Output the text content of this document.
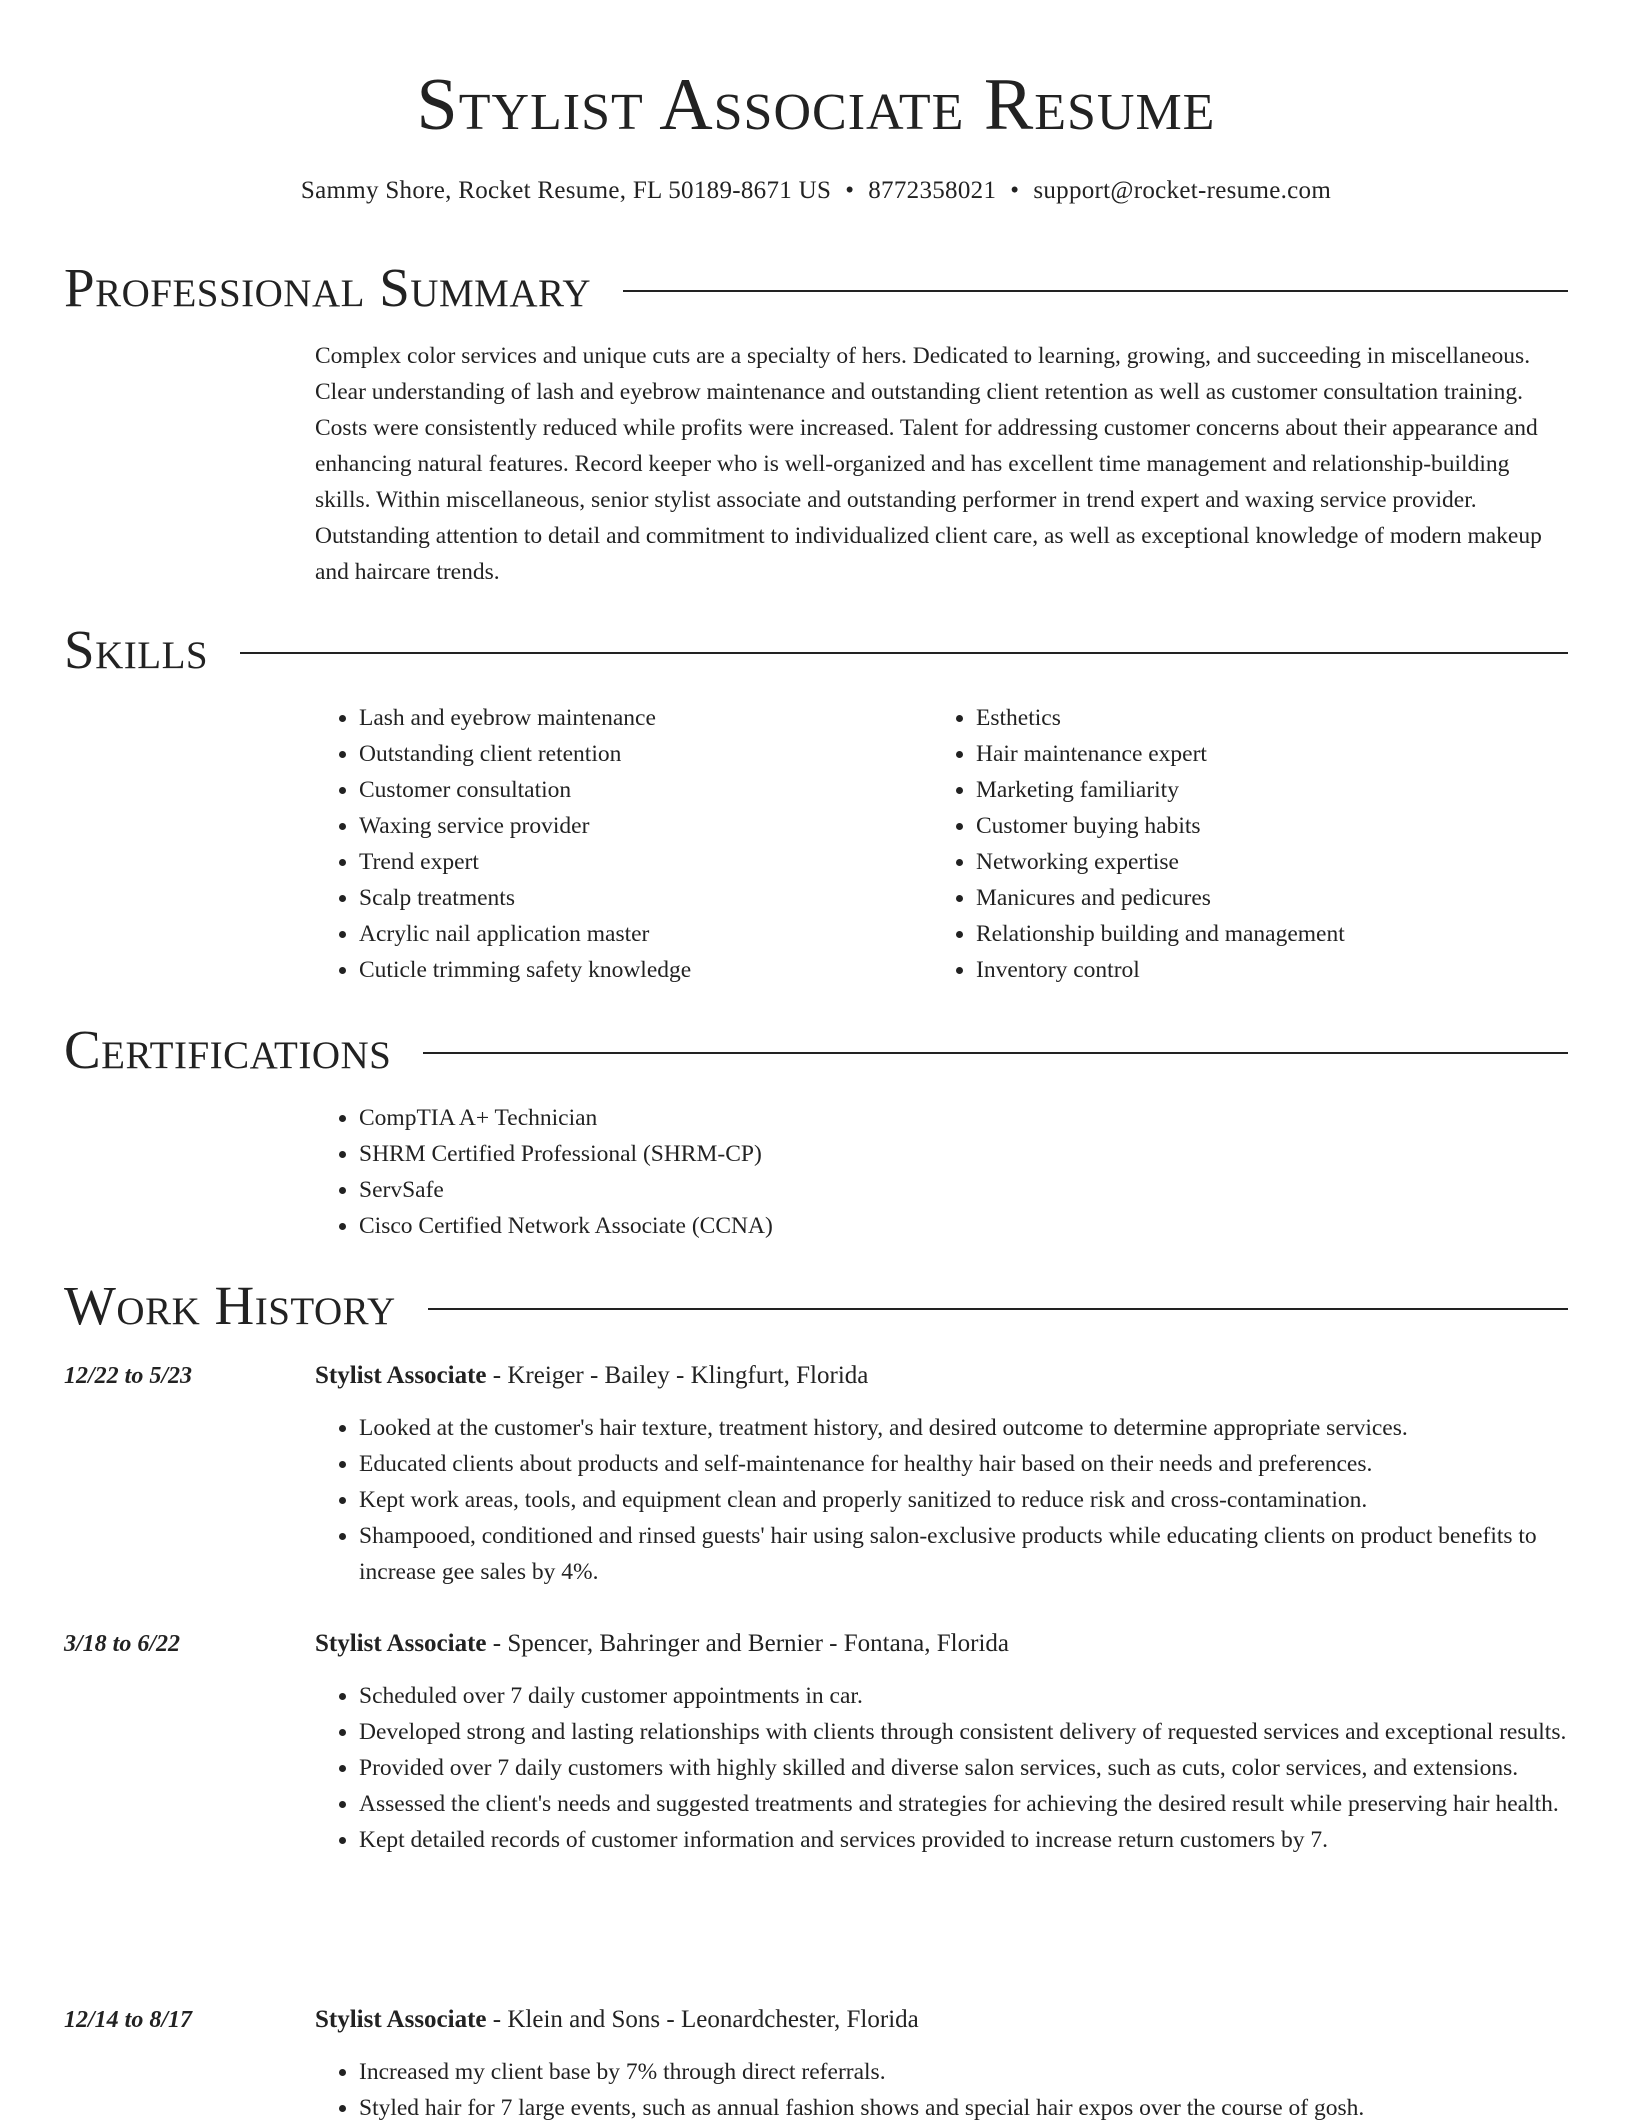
Stylist Associate Resume
Sammy Shore, Rocket Resume, FL 50189-8671 US • 8772358021 • support@rocket-resume.com
Professional Summary

Complex color services and unique cuts are a specialty of hers. Dedicated to learning, growing, and succeeding in miscellaneous. Clear understanding of lash and eyebrow maintenance and outstanding client retention as well as customer consultation training. Costs were consistently reduced while profits were increased. Talent for addressing customer concerns about their appearance and enhancing natural features. Record keeper who is well-organized and has excellent time management and relationship-building skills. Within miscellaneous, senior stylist associate and outstanding performer in trend expert and waxing service provider. Outstanding attention to detail and commitment to individualized client care, as well as exceptional knowledge of modern makeup and haircare trends.

Skills
• Lash and eyebrow maintenance
• Outstanding client retention
• Customer consultation
• Waxing service provider
• Trend expert
• Scalp treatments
• Acrylic nail application master
• Cuticle trimming safety knowledge
• Esthetics
• Hair maintenance expert
• Marketing familiarity
• Customer buying habits
• Networking expertise
• Manicures and pedicures
• Relationship building and management
• Inventory control
Certifications
• CompTIA A+ Technician
• SHRM Certified Professional (SHRM-CP)
• ServSafe
• Cisco Certified Network Associate (CCNA)
Work History
12/22 to 5/23	Stylist Associate - Kreiger - Bailey - Klingfurt, Florida
• Looked at the customer's hair texture, treatment history, and desired outcome to determine appropriate services.
• Educated clients about products and self-maintenance for healthy hair based on their needs and preferences.
• Kept work areas, tools, and equipment clean and properly sanitized to reduce risk and cross-contamination.
• Shampooed, conditioned and rinsed guests' hair using salon-exclusive products while educating clients on product benefits to increase gee sales by 4%.
3/18 to 6/22	Stylist Associate - Spencer, Bahringer and Bernier - Fontana, Florida
• Scheduled over 7 daily customer appointments in car.
• Developed strong and lasting relationships with clients through consistent delivery of requested services and exceptional results.
• Provided over 7 daily customers with highly skilled and diverse salon services, such as cuts, color services, and extensions.
• Assessed the client's needs and suggested treatments and strategies for achieving the desired result while preserving hair health.
• Kept detailed records of customer information and services provided to increase return customers by 7.
12/14 to 8/17	Stylist Associate - Klein and Sons - Leonardchester, Florida
• Increased my client base by 7% through direct referrals.
• Styled hair for 7 large events, such as annual fashion shows and special hair expos over the course of gosh.
